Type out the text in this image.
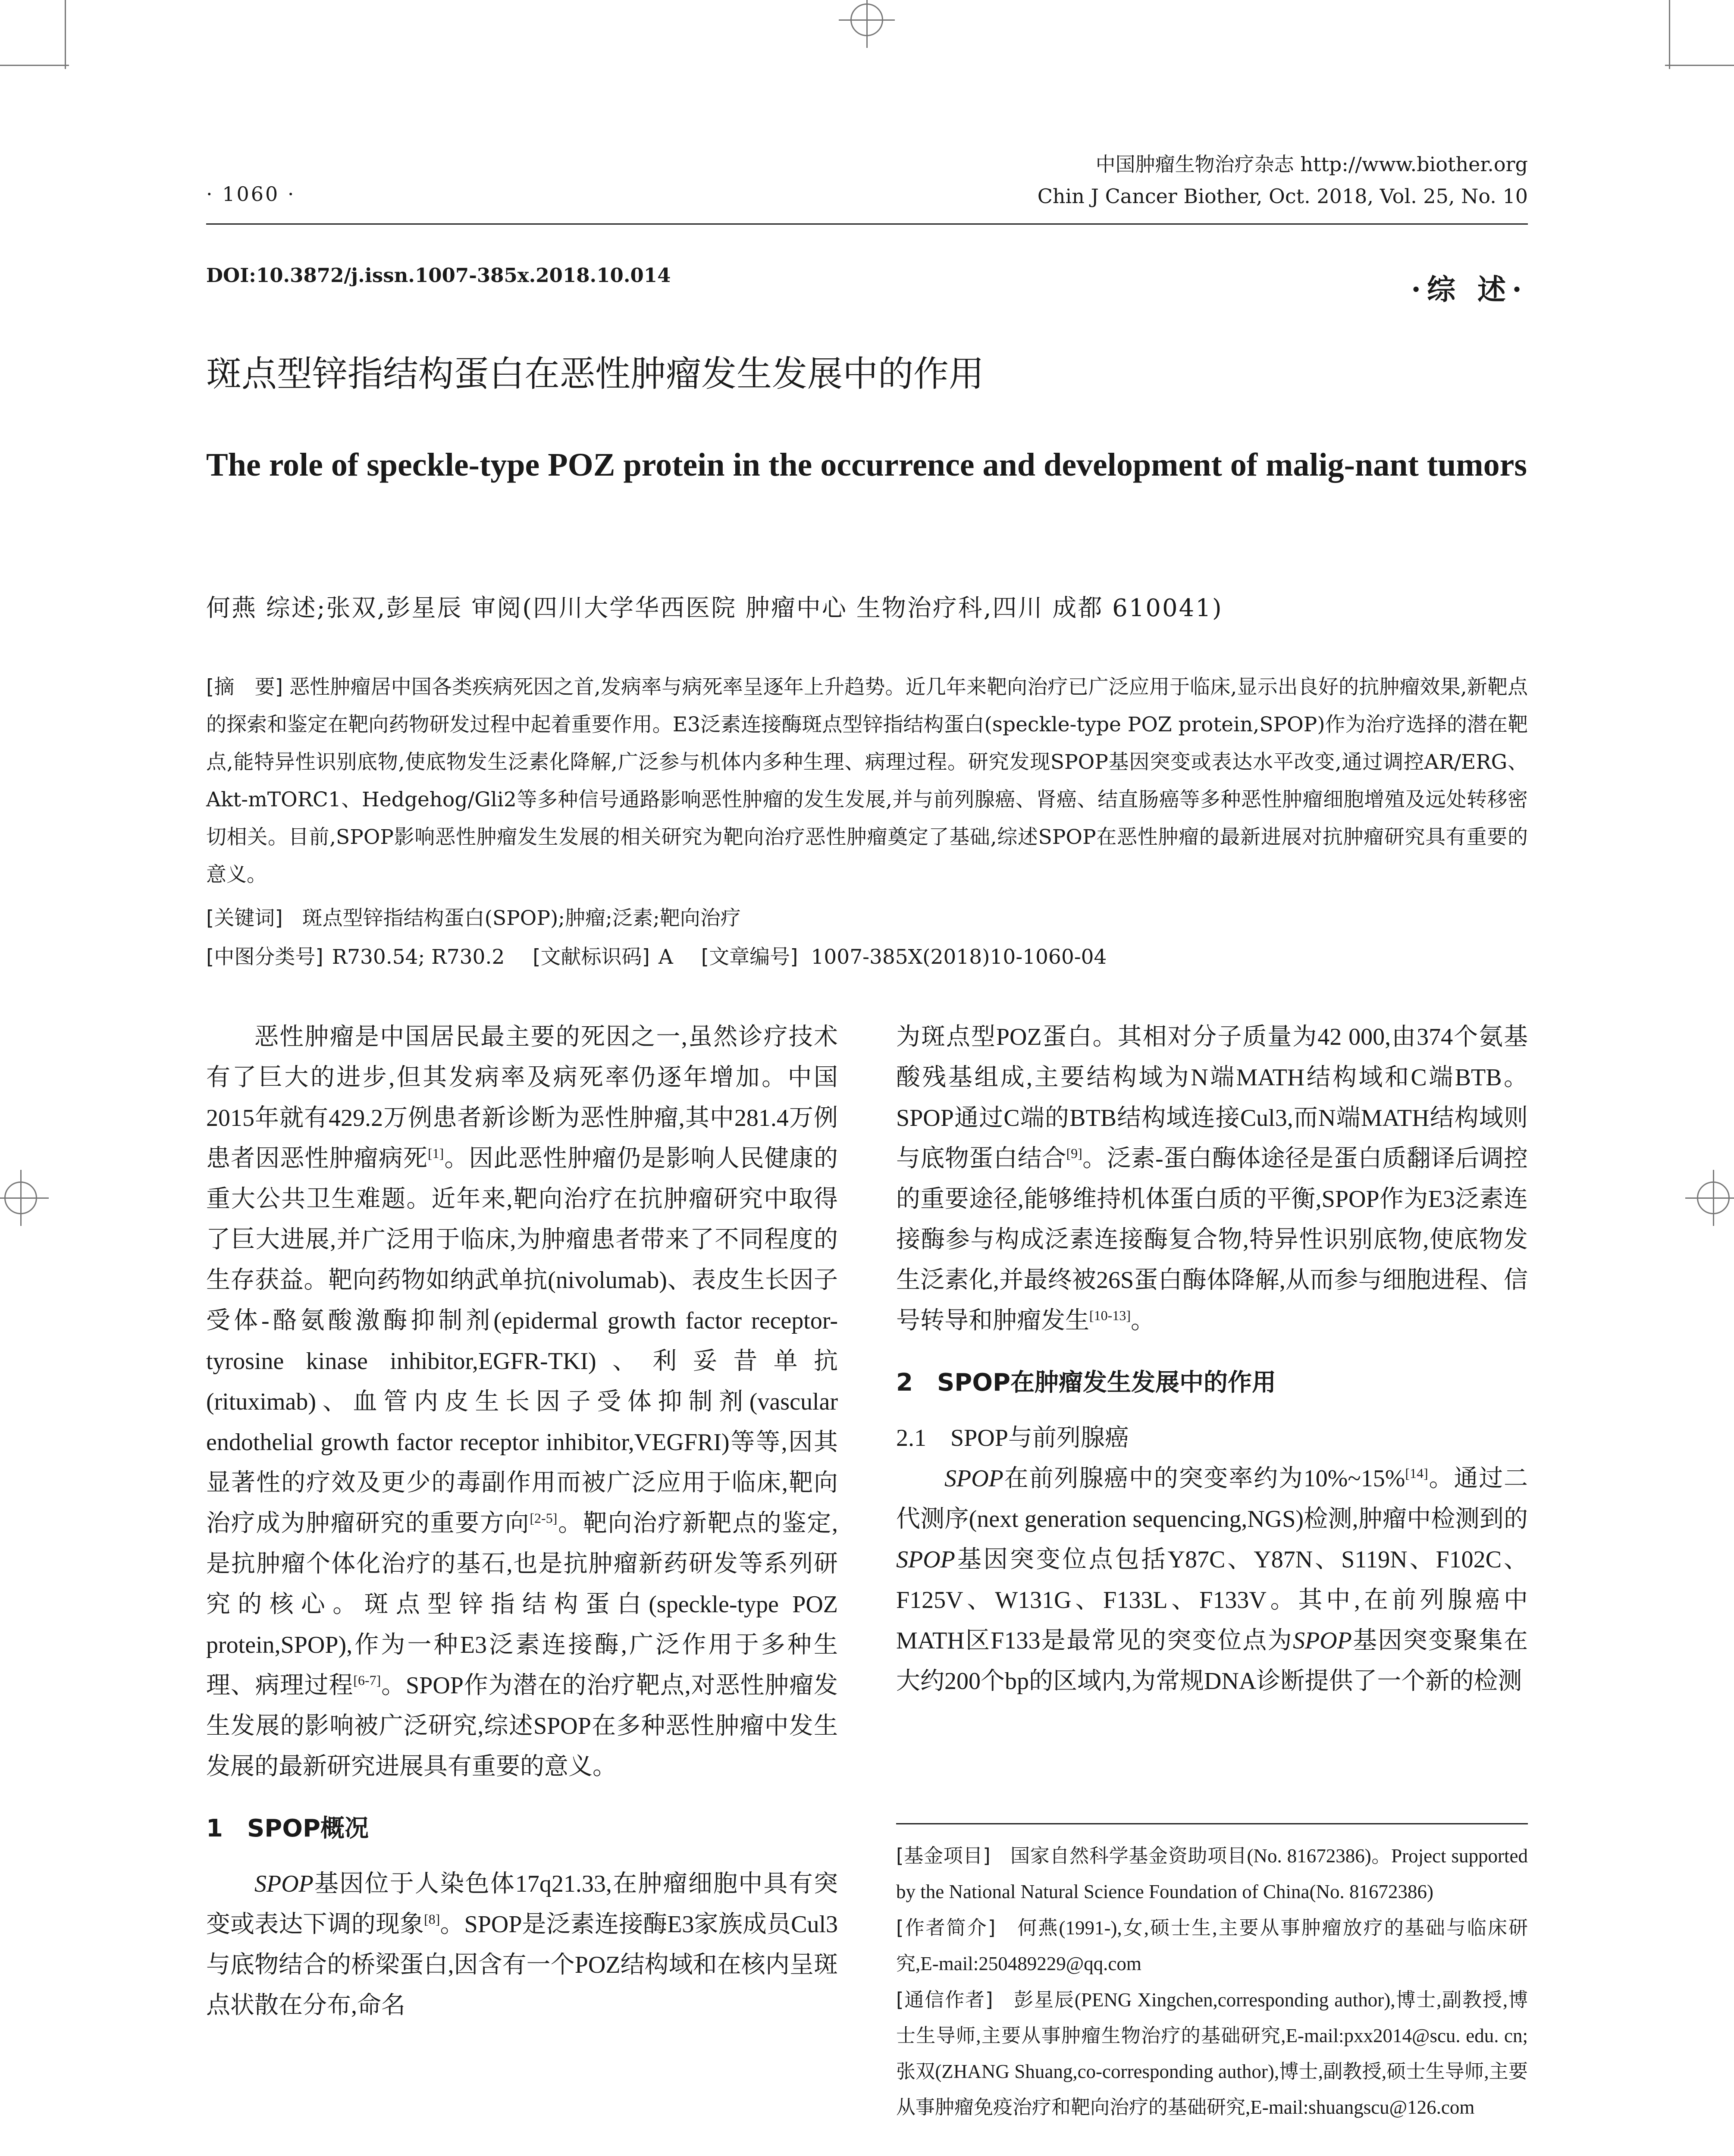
中国肿瘤生物治疗杂志 http://www.biother.org
Chin J Cancer Biother, Oct. 2018, Vol. 25, No. 10
· 1060 ·
DOI:10.3872/j.issn.1007-385x.2018.10.014	·综 述·
斑点型锌指结构蛋白在恶性肿瘤发生发展中的作用
The role of speckle-type POZ protein in the occurrence and development of malig-nant tumors
何燕 综述;张双,彭星辰 审阅(四川大学华西医院 肿瘤中心 生物治疗科,四川 成都 610041)
[摘　要] 恶性肿瘤居中国各类疾病死因之首,发病率与病死率呈逐年上升趋势。近几年来靶向治疗已广泛应用于临床,显示出良好的抗肿瘤效果,新靶点的探索和鉴定在靶向药物研发过程中起着重要作用。E3泛素连接酶斑点型锌指结构蛋白(speckle-type POZ protein,SPOP)作为治疗选择的潜在靶点,能特异性识别底物,使底物发生泛素化降解,广泛参与机体内多种生理、病理过程。研究发现SPOP基因突变或表达水平改变,通过调控AR/ERG、Akt-mTORC1、Hedgehog/Gli2等多种信号通路影响恶性肿瘤的发生发展,并与前列腺癌、肾癌、结直肠癌等多种恶性肿瘤细胞增殖及远处转移密切相关。目前,SPOP影响恶性肿瘤发生发展的相关研究为靶向治疗恶性肿瘤奠定了基础,综述SPOP在恶性肿瘤的最新进展对抗肿瘤研究具有重要的意义。
[关键词] 斑点型锌指结构蛋白(SPOP);肿瘤;泛素;靶向治疗
[中图分类号] R730.54; R730.2 [文献标识码] A [文章编号] 1007-385X(2018)10-1060-04

恶性肿瘤是中国居民最主要的死因之一,虽然诊疗技术有了巨大的进步,但其发病率及病死率仍逐年增加。中国2015年就有429.2万例患者新诊断为恶性肿瘤,其中281.4万例患者因恶性肿瘤病死[1]。因此恶性肿瘤仍是影响人民健康的重大公共卫生难题。近年来,靶向治疗在抗肿瘤研究中取得了巨大进展,并广泛用于临床,为肿瘤患者带来了不同程度的生存获益。靶向药物如纳武单抗(nivolumab)、表皮生长因子受体-酪氨酸激酶抑制剂(epidermal growth factor receptor-tyrosine kinase inhibitor,EGFR-TKI)、利妥昔单抗(rituximab)、血管内皮生长因子受体抑制剂(vascular endothelial growth factor receptor inhibitor,VEGFRI)等等,因其显著性的疗效及更少的毒副作用而被广泛应用于临床,靶向治疗成为肿瘤研究的重要方向[2-5]。靶向治疗新靶点的鉴定,是抗肿瘤个体化治疗的基石,也是抗肿瘤新药研发等系列研究的核心。斑点型锌指结构蛋白(speckle-type POZ protein,SPOP),作为一种E3泛素连接酶,广泛作用于多种生理、病理过程[6-7]。SPOP作为潜在的治疗靶点,对恶性肿瘤发生发展的影响被广泛研究,综述SPOP在多种恶性肿瘤中发生发展的最新研究进展具有重要的意义。

1　SPOP概况

SPOP基因位于人染色体17q21.33,在肿瘤细胞中具有突变或表达下调的现象[8]。SPOP是泛素连接酶E3家族成员Cul3与底物结合的桥梁蛋白,因含有一个POZ结构域和在核内呈斑点状散在分布,命名

为斑点型POZ蛋白。其相对分子质量为42 000,由374个氨基酸残基组成,主要结构域为N端MATH结构域和C端BTB。SPOP通过C端的BTB结构域连接Cul3,而N端MATH结构域则与底物蛋白结合[9]。泛素-蛋白酶体途径是蛋白质翻译后调控的重要途径,能够维持机体蛋白质的平衡,SPOP作为E3泛素连接酶参与构成泛素连接酶复合物,特异性识别底物,使底物发生泛素化,并最终被26S蛋白酶体降解,从而参与细胞进程、信号转导和肿瘤发生[10-13]。

2　SPOP在肿瘤发生发展中的作用
2.1　SPOP与前列腺癌

SPOP在前列腺癌中的突变率约为10%~15%[14]。通过二代测序(next generation sequencing,NGS)检测,肿瘤中检测到的SPOP基因突变位点包括Y87C、Y87N、S119N、F102C、F125V、W131G、F133L、F133V。其中,在前列腺癌中MATH区F133是最常见的突变位点为SPOP基因突变聚集在大约200个bp的区域内,为常规DNA诊断提供了一个新的检测

[基金项目]　 国家自然科学基金资助项目(No. 81672386)。Project supported by the National Natural Science Foundation of China(No. 81672386)

[作者简介]　 何燕(1991-),女,硕士生,主要从事肿瘤放疗的基础与临床研究,E-mail:250489229@qq.com

[通信作者]　 彭星辰(PENG Xingchen,corresponding author),博士,副教授,博士生导师,主要从事肿瘤生物治疗的基础研究,E-mail:pxx2014@scu. edu. cn;张双(ZHANG Shuang,co-corresponding author),博士,副教授,硕士生导师,主要从事肿瘤免疫治疗和靶向治疗的基础研究,E-mail:shuangscu@126.com
